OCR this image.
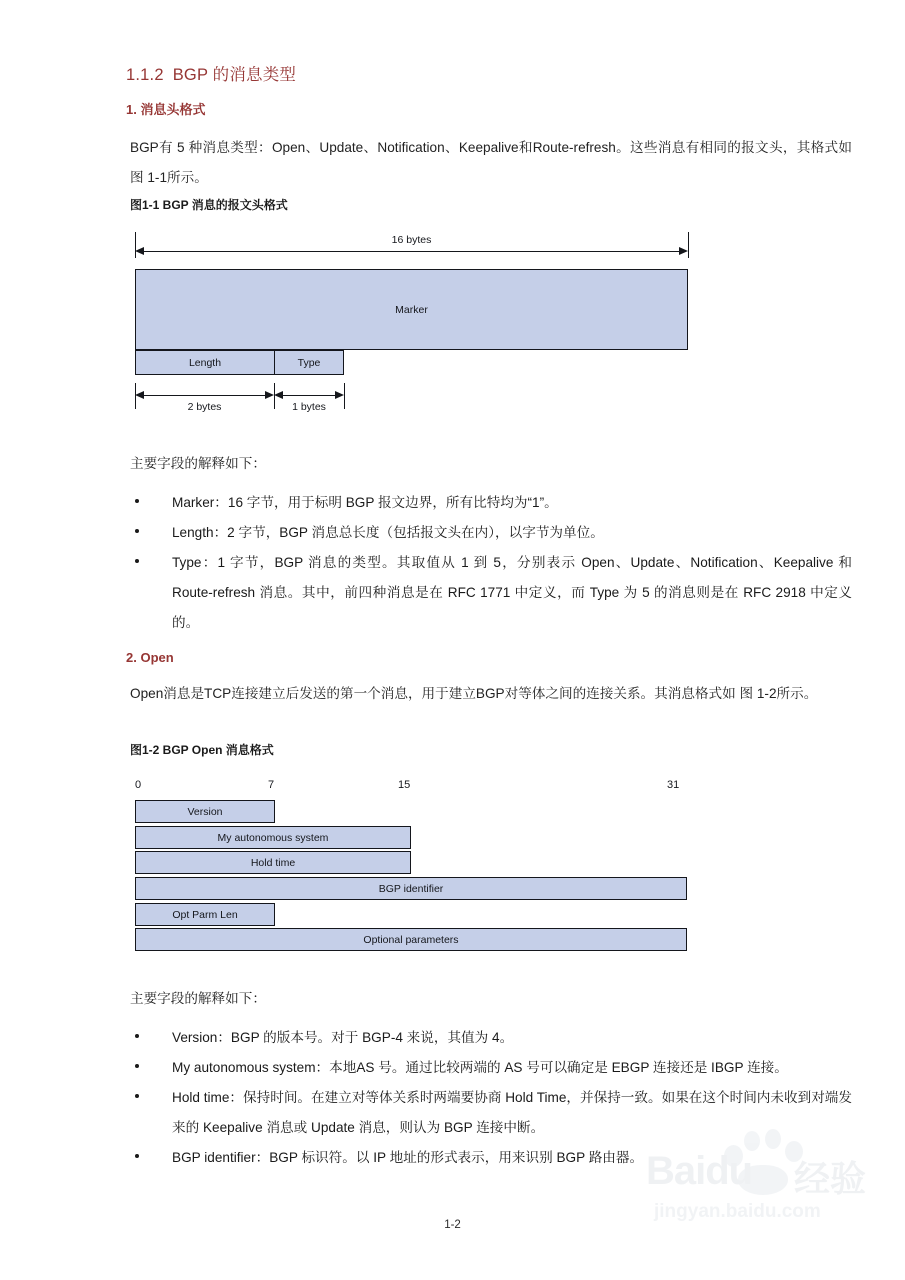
1.1.2 BGP 的消息类型
1. 消息头格式
BGP有 5 种消息类型：Open、Update、Notification、Keepalive和Route-refresh。这些消息有相同的报文头，其格式如 图 1-1所示。
图1-1 BGP 消息的报文头格式
16 bytes
Marker
Length	Type
2 bytes	1 bytes
主要字段的解释如下：
Marker：16 字节，用于标明 BGP 报文边界，所有比特均为“1”。
Length：2 字节，BGP 消息总长度（包括报文头在内），以字节为单位。
Type：1 字节，BGP 消息的类型。其取值从 1 到 5，分别表示 Open、Update、Notification、Keepalive 和 Route-refresh 消息。其中，前四种消息是在 RFC 1771 中定义，而 Type 为 5 的消息则是在 RFC 2918 中定义的。
2. Open
Open消息是TCP连接建立后发送的第一个消息，用于建立BGP对等体之间的连接关系。其消息格式如 图 1-2所示。
图1-2 BGP Open 消息格式
0	7	15	31
Version
My autonomous system
Hold time
BGP identifier
Opt Parm Len
Optional parameters
主要字段的解释如下：
Version：BGP 的版本号。对于 BGP-4 来说，其值为 4。
My autonomous system：本地AS 号。通过比较两端的 AS 号可以确定是 EBGP 连接还是 IBGP 连接。
Hold time：保持时间。在建立对等体关系时两端要协商 Hold Time，并保持一致。如果在这个时间内未收到对端发来的 Keepalive 消息或 Update 消息，则认为 BGP 连接中断。
BGP identifier：BGP 标识符。以 IP 地址的形式表示，用来识别 BGP 路由器。 Baidu 经验
jingyan.baidu.com
1-2
